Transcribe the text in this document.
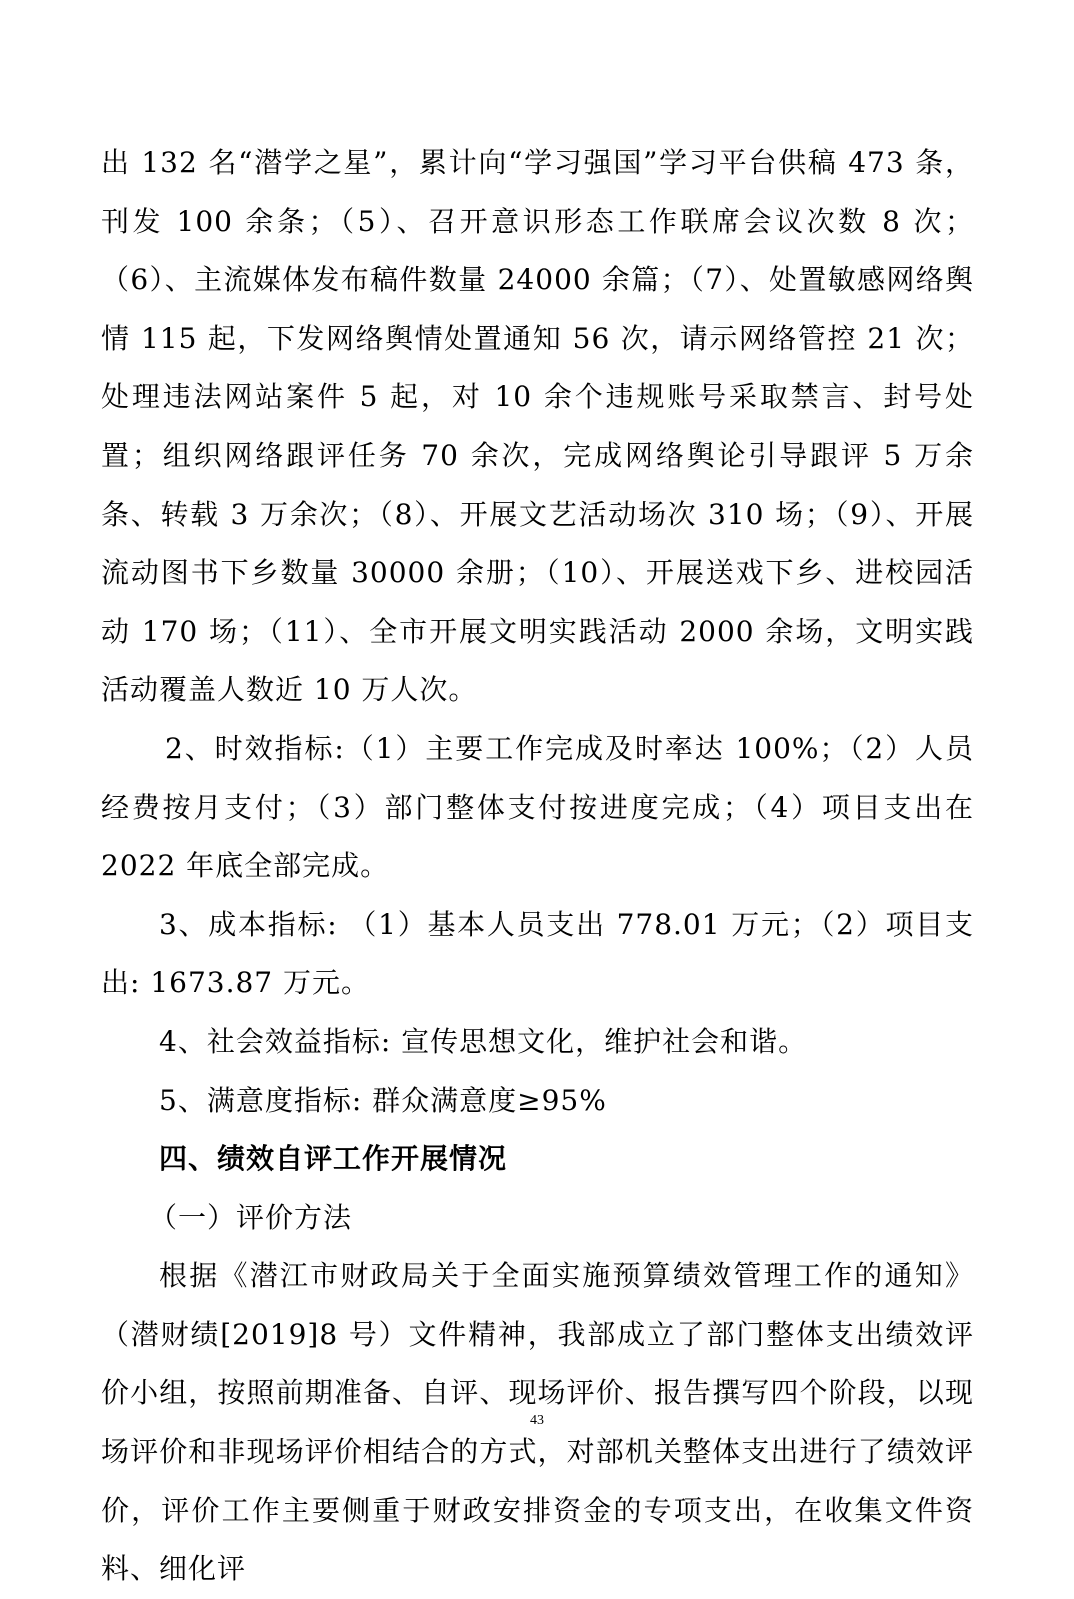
出 132 名“潜学之星”，累计向“学习强国”学习平台供稿 473 条，刊发 100 余条；（5）、召开意识形态工作联席会议次数 8 次；（6）、主流媒体发布稿件数量 24000 余篇；（7）、处置敏感网络舆情 115 起，下发网络舆情处置通知 56 次，请示网络管控 21 次；处理违法网站案件 5 起，对 10 余个违规账号采取禁言、封号处置；组织网络跟评任务 70 余次，完成网络舆论引导跟评 5 万余条、转载 3 万余次；（8）、开展文艺活动场次 310 场；（9）、开展流动图书下乡数量 30000 余册；（10）、开展送戏下乡、进校园活动 170 场；（11）、全市开展文明实践活动 2000 余场，文明实践活动覆盖人数近 10 万人次。

2、时效指标:（1）主要工作完成及时率达 100%；（2）人员经费按月支付；（3）部门整体支付按进度完成；（4）项目支出在 2022 年底全部完成。

3、成本指标: （1）基本人员支出 778.01 万元；（2）项目支出: 1673.87 万元。

4、社会效益指标: 宣传思想文化，维护社会和谐。

5、满意度指标: 群众满意度≥95%

四、绩效自评工作开展情况

（一）评价方法

根据《潜江市财政局关于全面实施预算绩效管理工作的通知》（潜财绩[2019]8 号）文件精神，我部成立了部门整体支出绩效评价小组，按照前期准备、自评、现场评价、报告撰写四个阶段，以现场评价和非现场评价相结合的方式，对部机关整体支出进行了绩效评价，评价工作主要侧重于财政安排资金的专项支出，在收集文件资料、细化评

43
